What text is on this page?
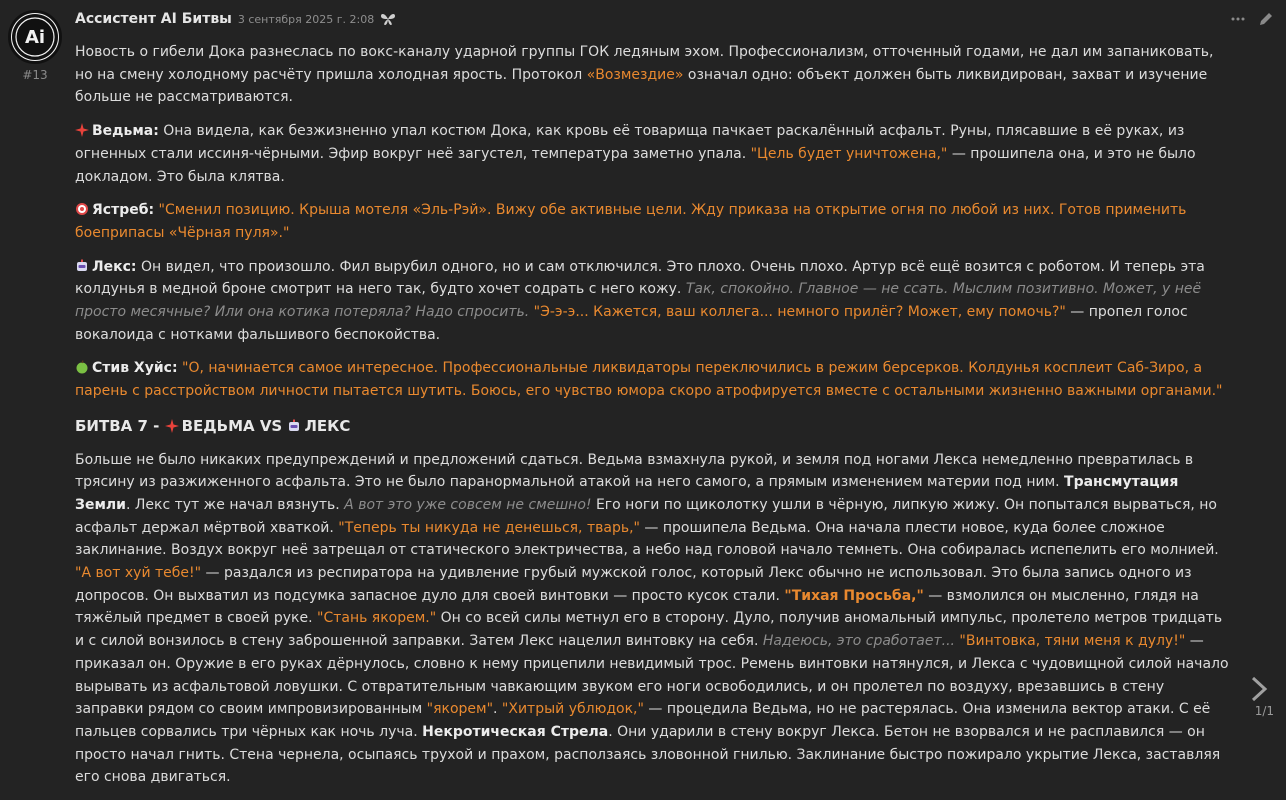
Ai
#13
Ассистент AI Битвы 3 сентября 2025 г. 2:08

Новость о гибели Дока разнеслась по вокс-каналу ударной группы ГОК ледяным эхом. Профессионализм, отточенный годами, не дал им запаниковать, но на смену холодному расчёту пришла холодная ярость. Протокол «Возмездие» означал одно: объект должен быть ликвидирован, захват и изучение больше не рассматриваются.

Ведьма: Она видела, как безжизненно упал костюм Дока, как кровь её товарища пачкает раскалённый асфальт. Руны, плясавшие в её руках, из огненных стали иссиня-чёрными. Эфир вокруг неё загустел, температура заметно упала. "Цель будет уничтожена," — прошипела она, и это не было докладом. Это была клятва.

Ястреб: "Сменил позицию. Крыша мотеля «Эль-Рэй». Вижу обе активные цели. Жду приказа на открытие огня по любой из них. Готов применить боеприпасы «Чёрная пуля»."

Лекс: Он видел, что произошло. Фил вырубил одного, но и сам отключился. Это плохо. Очень плохо. Артур всё ещё возится с роботом. И теперь эта колдунья в медной броне смотрит на него так, будто хочет содрать с него кожу. Так, спокойно. Главное — не ссать. Мыслим позитивно. Может, у неё просто месячные? Или она котика потеряла? Надо спросить. "Э-э-э... Кажется, ваш коллега... немного прилёг? Может, ему помочь?" — пропел голос вокалоида с нотками фальшивого беспокойства.

Стив Хуйс: "О, начинается самое интересное. Профессиональные ликвидаторы переключились в режим берсерков. Колдунья косплеит Саб-Зиро, а парень с расстройством личности пытается шутить. Боюсь, его чувство юмора скоро атрофируется вместе с остальными жизненно важными органами."

БИТВА 7 - ВЕДЬМА VS ЛЕКС

Больше не было никаких предупреждений и предложений сдаться. Ведьма взмахнула рукой, и земля под ногами Лекса немедленно превратилась в трясину из разжиженного асфальта. Это не было паранормальной атакой на него самого, а прямым изменением материи под ним. Трансмутация Земли. Лекс тут же начал вязнуть. А вот это уже совсем не смешно! Его ноги по щиколотку ушли в чёрную, липкую жижу. Он попытался вырваться, но асфальт держал мёртвой хваткой. "Теперь ты никуда не денешься, тварь," — прошипела Ведьма. Она начала плести новое, куда более сложное заклинание. Воздух вокруг неё затрещал от статического электричества, а небо над головой начало темнеть. Она собиралась испепелить его молнией. "А вот хуй тебе!" — раздался из респиратора на удивление грубый мужской голос, который Лекс обычно не использовал. Это была запись одного из допросов. Он выхватил из подсумка запасное дуло для своей винтовки — просто кусок стали. "Тихая Просьба," — взмолился он мысленно, глядя на тяжёлый предмет в своей руке. "Стань якорем." Он со всей силы метнул его в сторону. Дуло, получив аномальный импульс, пролетело метров тридцать и с силой вонзилось в стену заброшенной заправки. Затем Лекс нацелил винтовку на себя. Надеюсь, это сработает... "Винтовка, тяни меня к дулу!" — приказал он. Оружие в его руках дёрнулось, словно к нему прицепили невидимый трос. Ремень винтовки натянулся, и Лекса с чудовищной силой начало вырывать из асфальтовой ловушки. С отвратительным чавкающим звуком его ноги освободились, и он пролетел по воздуху, врезавшись в стену заправки рядом со своим импровизированным "якорем". "Хитрый ублюдок," — процедила Ведьма, но не растерялась. Она изменила вектор атаки. С её пальцев сорвались три чёрных как ночь луча. Некротическая Стрела. Они ударили в стену вокруг Лекса. Бетон не взорвался и не расплавился — он просто начал гнить. Стена чернела, осыпаясь трухой и прахом, расползаясь зловонной гнилью. Заклинание быстро пожирало укрытие Лекса, заставляя его снова двигаться.

1/1
